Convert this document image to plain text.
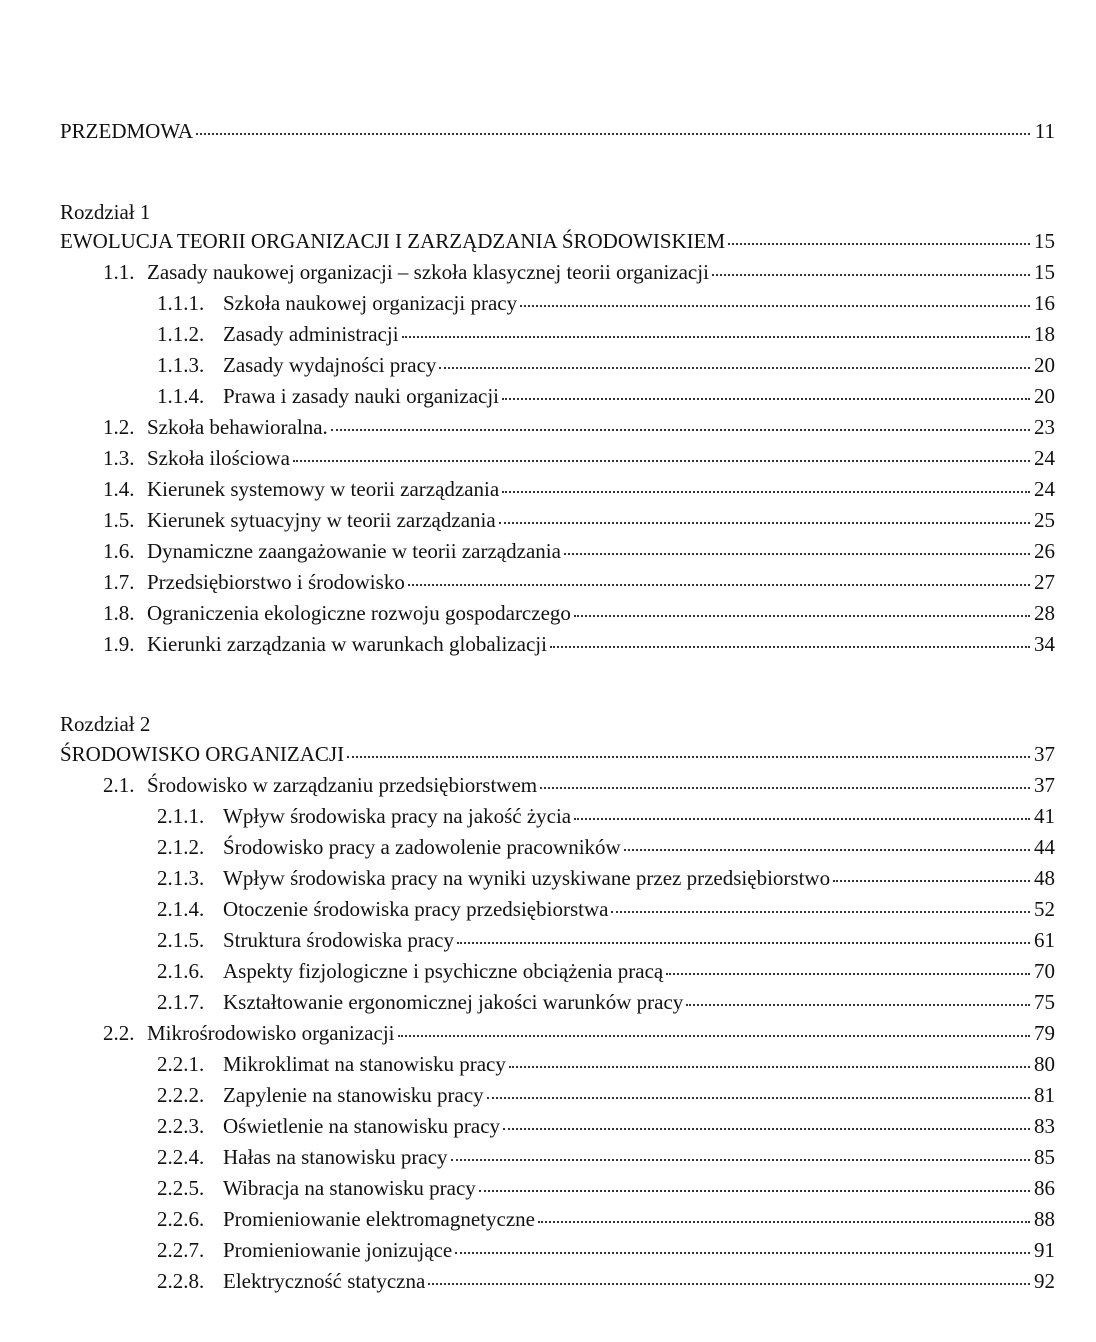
PRZEDMOWA	11
Rozdział 1
EWOLUCJA TEORII ORGANIZACJI I ZARZĄDZANIA ŚRODOWISKIEM	15
1.1. Zasady naukowej organizacji – szkoła klasycznej teorii organizacji	15
1.1.1. Szkoła naukowej organizacji pracy	16
1.1.2. Zasady administracji	18
1.1.3. Zasady wydajności pracy	20
1.1.4. Prawa i zasady nauki organizacji	20
1.2. Szkoła behawioralna.	23
1.3. Szkoła ilościowa	24
1.4. Kierunek systemowy w teorii zarządzania	24
1.5. Kierunek sytuacyjny w teorii zarządzania	25
1.6. Dynamiczne zaangażowanie w teorii zarządzania	26
1.7. Przedsiębiorstwo i środowisko	27
1.8. Ograniczenia ekologiczne rozwoju gospodarczego	28
1.9. Kierunki zarządzania w warunkach globalizacji	34
Rozdział 2
ŚRODOWISKO ORGANIZACJI	37
2.1. Środowisko w zarządzaniu przedsiębiorstwem	37
2.1.1. Wpływ środowiska pracy na jakość życia	41
2.1.2. Środowisko pracy a zadowolenie pracowników	44
2.1.3. Wpływ środowiska pracy na wyniki uzyskiwane przez przedsiębiorstwo	48
2.1.4. Otoczenie środowiska pracy przedsiębiorstwa	52
2.1.5. Struktura środowiska pracy	61
2.1.6. Aspekty fizjologiczne i psychiczne obciążenia pracą	70
2.1.7. Kształtowanie ergonomicznej jakości warunków pracy	75
2.2. Mikrośrodowisko organizacji	79
2.2.1. Mikroklimat na stanowisku pracy	80
2.2.2. Zapylenie na stanowisku pracy	81
2.2.3. Oświetlenie na stanowisku pracy	83
2.2.4. Hałas na stanowisku pracy	85
2.2.5. Wibracja na stanowisku pracy	86
2.2.6. Promieniowanie elektromagnetyczne	88
2.2.7. Promieniowanie jonizujące	91
2.2.8. Elektryczność statyczna	92
